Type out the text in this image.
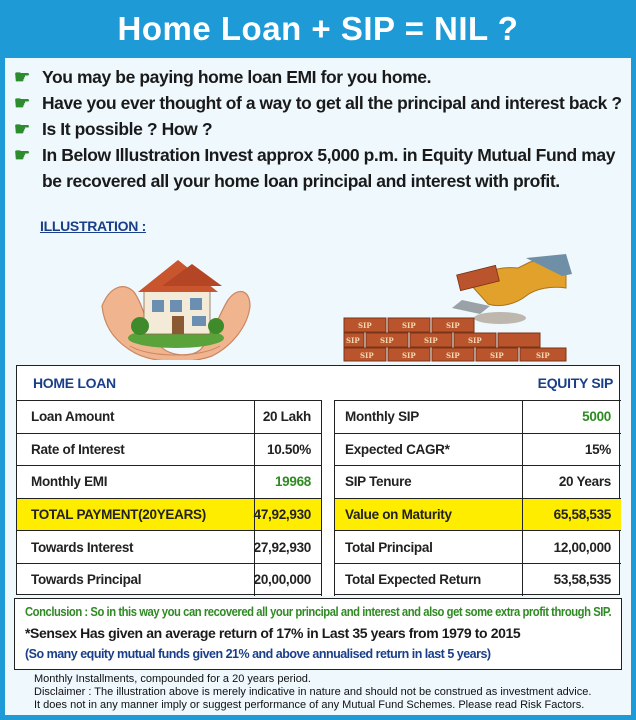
Home Loan + SIP = NIL ?
☛ You may be paying home loan EMI for you home.
☛ Have you ever thought of a way to get all the principal and interest back ?
☛ Is It possible ? How ?
☛ In Below Illustration Invest approx 5,000 p.m. in Equity Mutual Fund may
be recovered all your home loan principal and interest with profit.
ILLUSTRATION :
SIP	SIP	SIP
SIP	SIP	SIP	SIP
SIP	SIP	SIP	SIP	SIP
HOME LOAN
Loan Amount	20 Lakh
Rate of Interest	10.50%
Monthly EMI	19968
TOTAL PAYMENT(20YEARS)	47,92,930
Towards Interest	27,92,930
Towards Principal	20,00,000
EQUITY SIP
Monthly SIP	5000
Expected CAGR*	15%
SIP Tenure	20 Years
Value on Maturity	65,58,535
Total Principal	12,00,000
Total Expected Return	53,58,535
Conclusion : So in this way you can recovered all your principal and interest and also get some extra profit through SIP.
*Sensex Has given an average return of 17% in Last 35 years from 1979 to 2015
(So many equity mutual funds given 21% and above annualised return in last 5 years)
Monthly Installments, compounded for a 20 years period.
Disclaimer : The illustration above is merely indicative in nature and should not be construed as investment advice.
It does not in any manner imply or suggest performance of any Mutual Fund Schemes. Please read Risk Factors.
